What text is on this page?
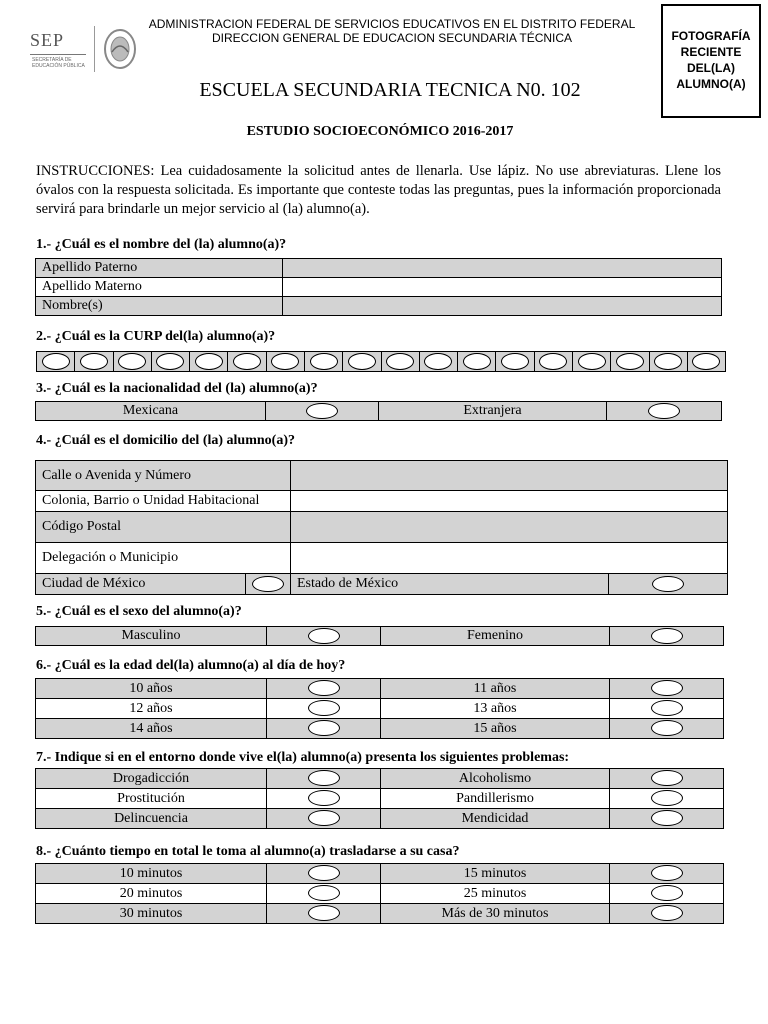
SEP
SECRETARÍA DE
EDUCACIÓN PÚBLICA
ADMINISTRACION FEDERAL DE SERVICIOS EDUCATIVOS EN EL DISTRITO FEDERAL
DIRECCION GENERAL DE EDUCACION SECUNDARIA TÉCNICA	FOTOGRAFÍA
RECIENTE
DEL(LA)
ALUMNO(A)
ESCUELA SECUNDARIA TECNICA N0. 102
ESTUDIO SOCIOECONÓMICO 2016-2017
INSTRUCCIONES: Lea cuidadosamente la solicitud antes de llenarla. Use lápiz. No use abreviaturas. Llene los óvalos con la respuesta solicitada. Es importante que conteste todas las preguntas, pues la información proporcionada servirá para brindarle un mejor servicio al (la) alumno(a).
1.- ¿Cuál es el nombre del (la) alumno(a)?
Apellido Paterno	
Apellido Materno	
Nombre(s)	
2.- ¿Cuál es la CURP del(la) alumno(a)?
3.- ¿Cuál es la nacionalidad del (la) alumno(a)?
Mexicana		Extranjera	
4.- ¿Cuál es el domicilio del (la) alumno(a)?
Calle o Avenida y Número	
Colonia, Barrio o Unidad Habitacional	
Código Postal	
Delegación o Municipio	
Ciudad de México		Estado de México	
5.- ¿Cuál es el sexo del alumno(a)?
Masculino		Femenino	
6.- ¿Cuál es la edad del(la) alumno(a) al día de hoy?
10 años		11 años	
12 años		13 años	
14 años		15 años	
7.- Indique si en el entorno donde vive el(la) alumno(a) presenta los siguientes problemas:
Drogadicción		Alcoholismo	
Prostitución		Pandillerismo	
Delincuencia		Mendicidad	
8.- ¿Cuánto tiempo en total le toma al alumno(a) trasladarse a su casa?
10 minutos		15 minutos	
20 minutos		25 minutos	
30 minutos		Más de 30 minutos	
